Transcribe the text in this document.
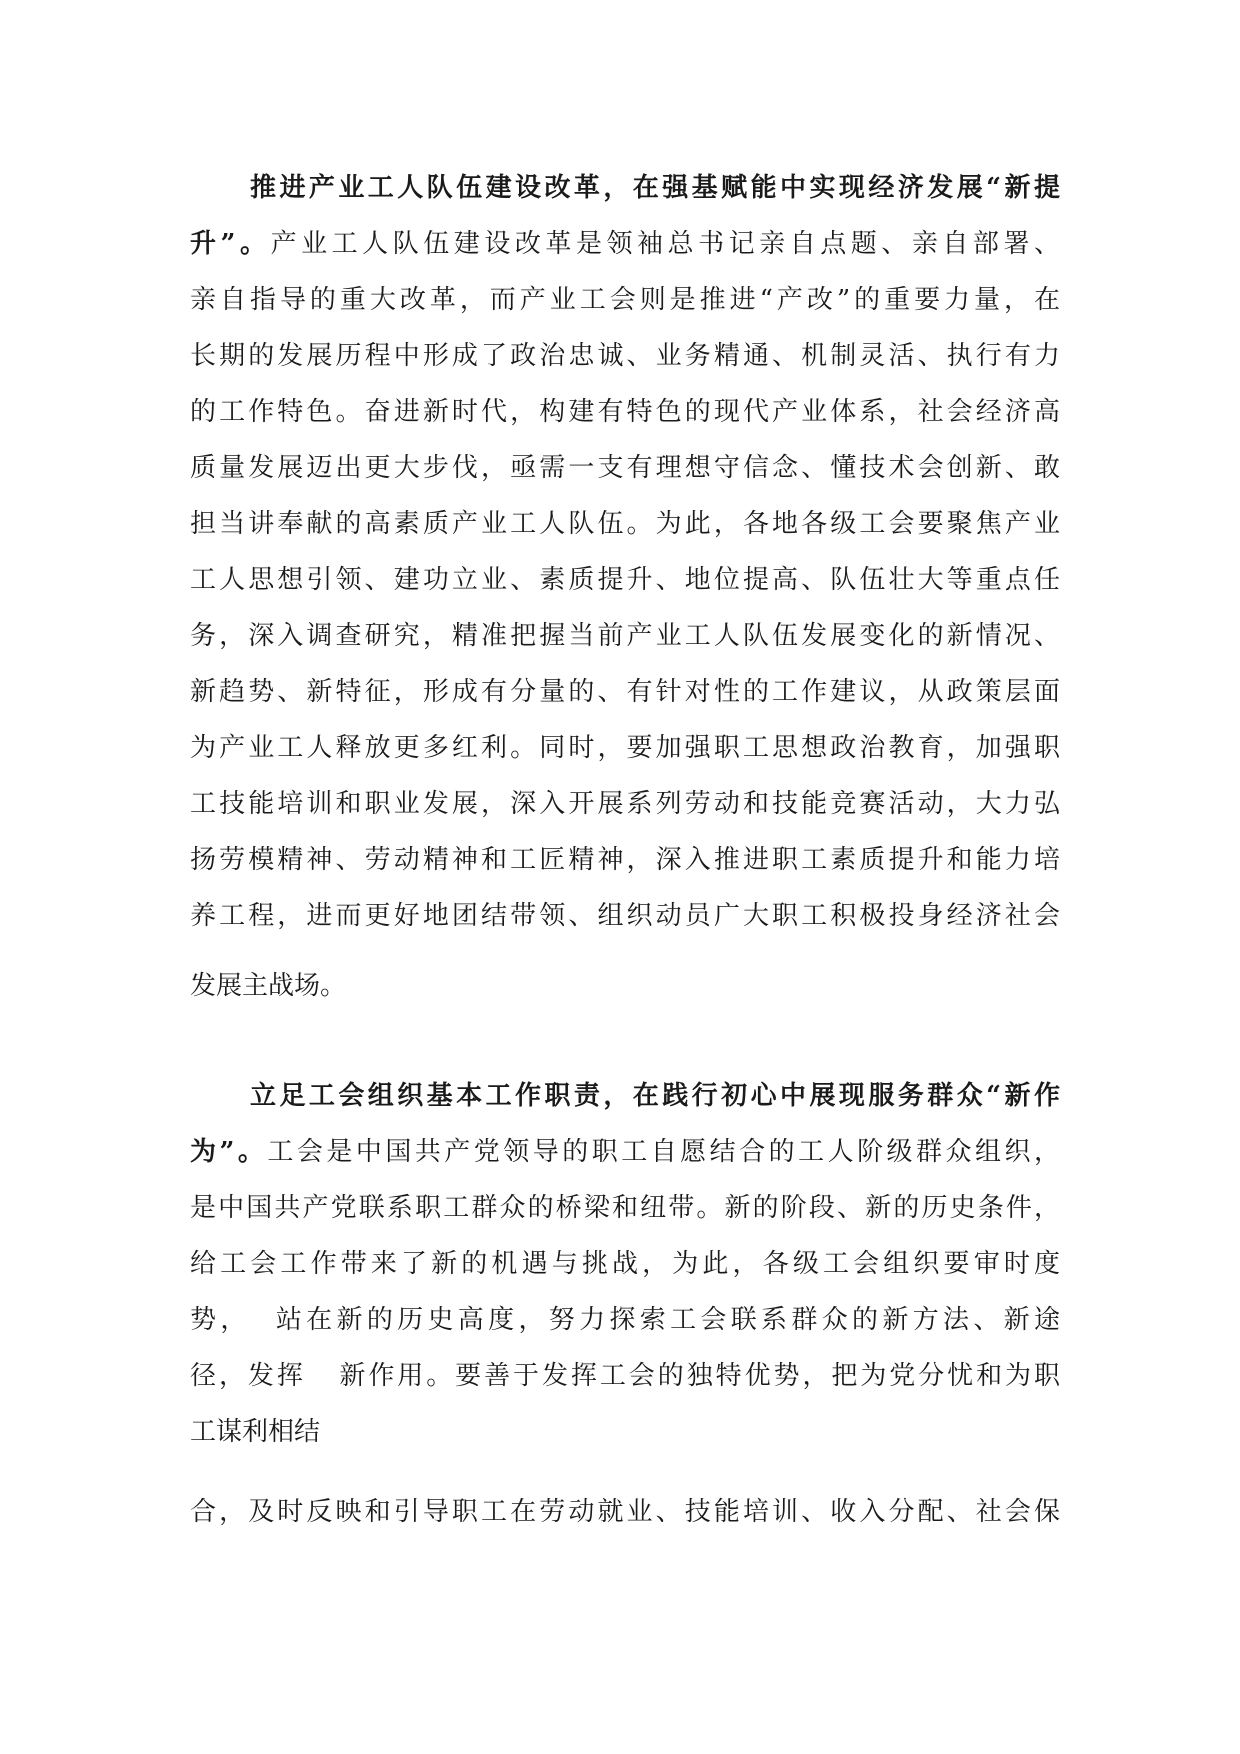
推进产业工人队伍建设改革，在强基赋能中实现经济发展“新提
升”。产业工人队伍建设改革是领袖总书记亲自点题、亲自部署、
亲自指导的重大改革，而产业工会则是推进“产改”的重要力量，在
长期的发展历程中形成了政治忠诚、业务精通、机制灵活、执行有力
的工作特色。奋进新时代，构建有特色的现代产业体系，社会经济高
质量发展迈出更大步伐，亟需一支有理想守信念、懂技术会创新、敢
担当讲奉献的高素质产业工人队伍。为此，各地各级工会要聚焦产业
工人思想引领、建功立业、素质提升、地位提高、队伍壮大等重点任
务，深入调查研究，精准把握当前产业工人队伍发展变化的新情况、
新趋势、新特征，形成有分量的、有针对性的工作建议，从政策层面
为产业工人释放更多红利。同时，要加强职工思想政治教育，加强职
工技能培训和职业发展，深入开展系列劳动和技能竞赛活动，大力弘
扬劳模精神、劳动精神和工匠精神，深入推进职工素质提升和能力培
养工程，进而更好地团结带领、组织动员广大职工积极投身经济社会
发展主战场。
立足工会组织基本工作职责，在践行初心中展现服务群众“新作
为”。工会是中国共产党领导的职工自愿结合的工人阶级群众组织，
是中国共产党联系职工群众的桥梁和纽带。新的阶段、新的历史条件，
给工会工作带来了新的机遇与挑战，为此，各级工会组织要审时度
势，  站在新的历史高度，努力探索工会联系群众的新方法、新途
径，发挥   新作用。要善于发挥工会的独特优势，把为党分忧和为职
工谋利相结
合，及时反映和引导职工在劳动就业、技能培训、收入分配、社会保
